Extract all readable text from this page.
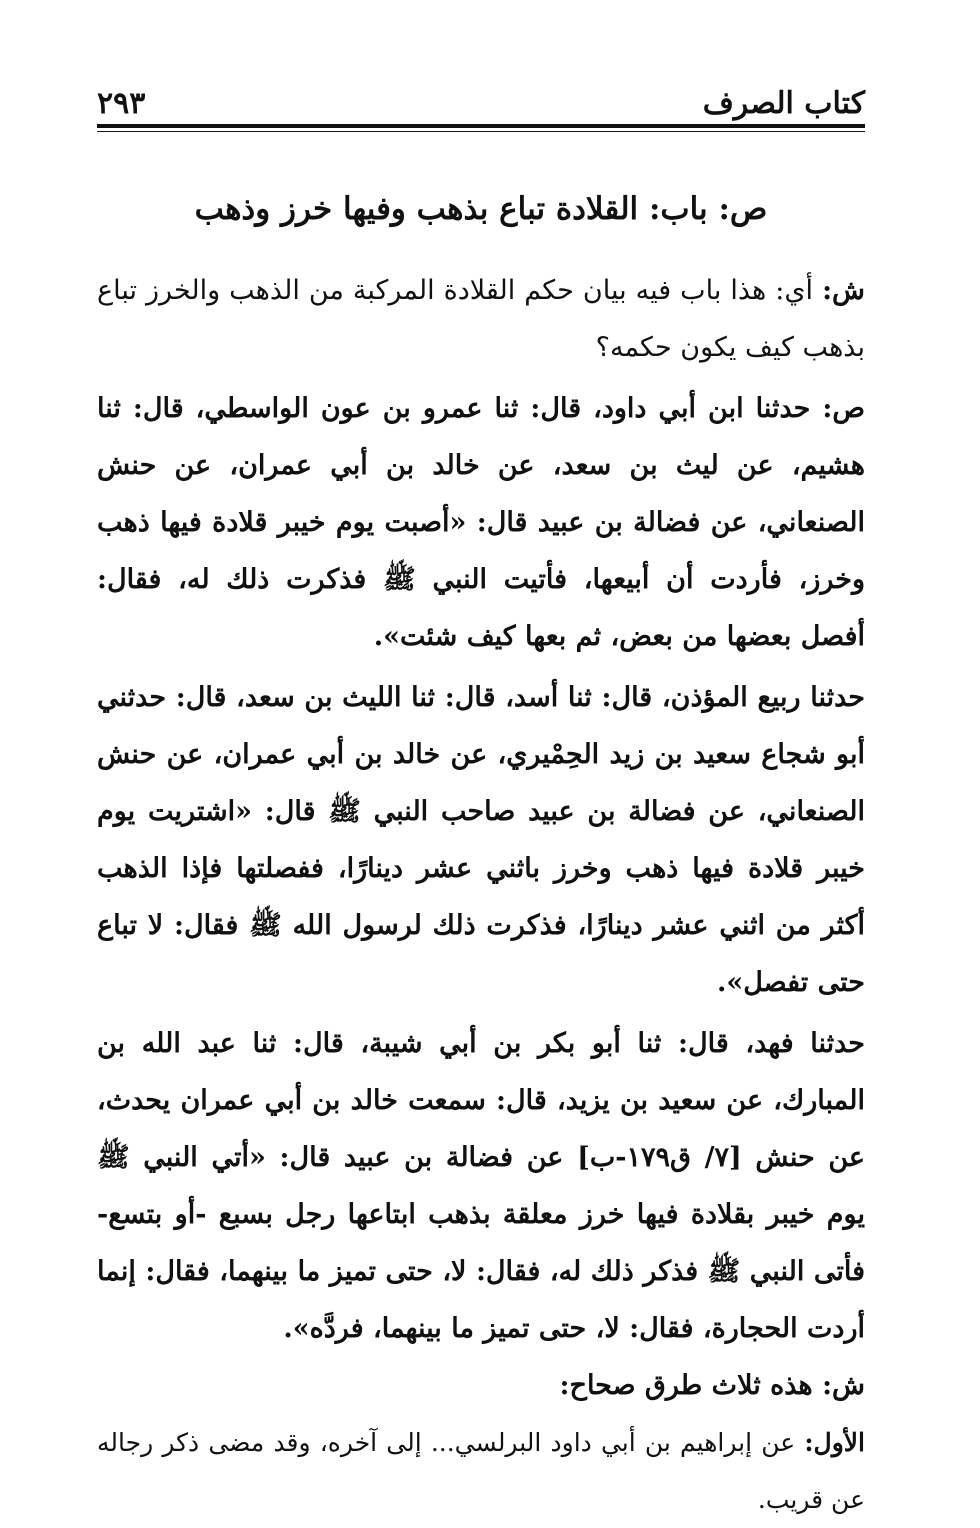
كتاب الصرف
٢٩٣
ص: باب: القلادة تباع بذهب وفيها خرز وذهب

ش: أي: هذا باب فيه بيان حكم القلادة المركبة من الذهب والخرز تباع بذهب كيف يكون حكمه؟

ص: حدثنا ابن أبي داود، قال: ثنا عمرو بن عون الواسطي، قال: ثنا هشيم، عن ليث بن سعد، عن خالد بن أبي عمران، عن حنش الصنعاني، عن فضالة بن عبيد قال: «أصبت يوم خيبر قلادة فيها ذهب وخرز، فأردت أن أبيعها، فأتيت النبي ﷺ فذكرت ذلك له، فقال: أفصل بعضها من بعض، ثم بعها كيف شئت».

حدثنا ربيع المؤذن، قال: ثنا أسد، قال: ثنا الليث بن سعد، قال: حدثني أبو شجاع سعيد بن زيد الحِمْيري، عن خالد بن أبي عمران، عن حنش الصنعاني، عن فضالة بن عبيد صاحب النبي ﷺ قال: «اشتريت يوم خيبر قلادة فيها ذهب وخرز باثني عشر دينارًا، ففصلتها فإذا الذهب أكثر من اثني عشر دينارًا، فذكرت ذلك لرسول الله ﷺ فقال: لا تباع حتى تفصل».

حدثنا فهد، قال: ثنا أبو بكر بن أبي شيبة، قال: ثنا عبد الله بن المبارك، عن سعيد بن يزيد، قال: سمعت خالد بن أبي عمران يحدث، عن حنش [٧/ ق١٧٩-ب] عن فضالة بن عبيد قال: «أتي النبي ﷺ يوم خيبر بقلادة فيها خرز معلقة بذهب ابتاعها رجل بسبع -أو بتسع- فأتى النبي ﷺ فذكر ذلك له، فقال: لا، حتى تميز ما بينهما، فقال: إنما أردت الحجارة، فقال: لا، حتى تميز ما بينهما، فردَّه».

ش: هذه ثلاث طرق صحاح:

الأول: عن إبراهيم بن أبي داود البرلسي... إلى آخره، وقد مضى ذكر رجاله عن قريب.
